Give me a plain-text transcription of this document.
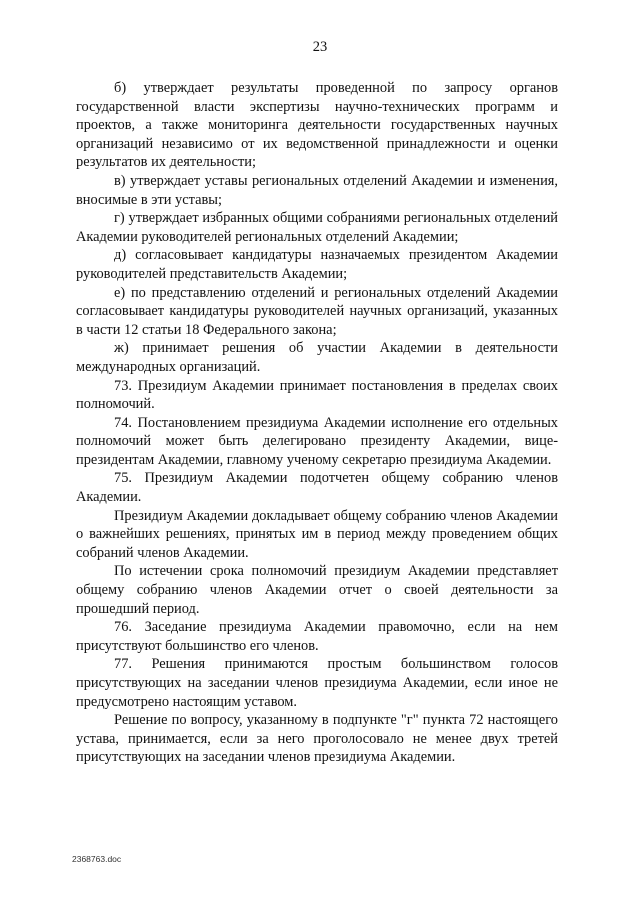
23

б) утверждает результаты проведенной по запросу органов государственной власти экспертизы научно-технических программ и проектов, а также мониторинга деятельности государственных научных организаций независимо от их ведомственной принадлежности и оценки результатов их деятельности;

в) утверждает уставы региональных отделений Академии и изменения, вносимые в эти уставы;

г) утверждает избранных общими собраниями региональных отделений Академии руководителей региональных отделений Академии;

д) согласовывает кандидатуры назначаемых президентом Академии руководителей представительств Академии;

е) по представлению отделений и региональных отделений Академии согласовывает кандидатуры руководителей научных организаций, указанных в части 12 статьи 18 Федерального закона;

ж) принимает решения об участии Академии в деятельности международных организаций.

73. Президиум Академии принимает постановления в пределах своих полномочий.

74. Постановлением президиума Академии исполнение его отдельных полномочий может быть делегировано президенту Академии, вице-президентам Академии, главному ученому секретарю президиума Академии.

75. Президиум Академии подотчетен общему собранию членов Академии.

Президиум Академии докладывает общему собранию членов Академии о важнейших решениях, принятых им в период между проведением общих собраний членов Академии.

По истечении срока полномочий президиум Академии представляет общему собранию членов Академии отчет о своей деятельности за прошедший период.

76. Заседание президиума Академии правомочно, если на нем присутствуют большинство его членов.

77. Решения принимаются простым большинством голосов присутствующих на заседании членов президиума Академии, если иное не предусмотрено настоящим уставом.

Решение по вопросу, указанному в подпункте "г" пункта 72 настоящего устава, принимается, если за него проголосовало не менее двух третей присутствующих на заседании членов президиума Академии.

2368763.doc
